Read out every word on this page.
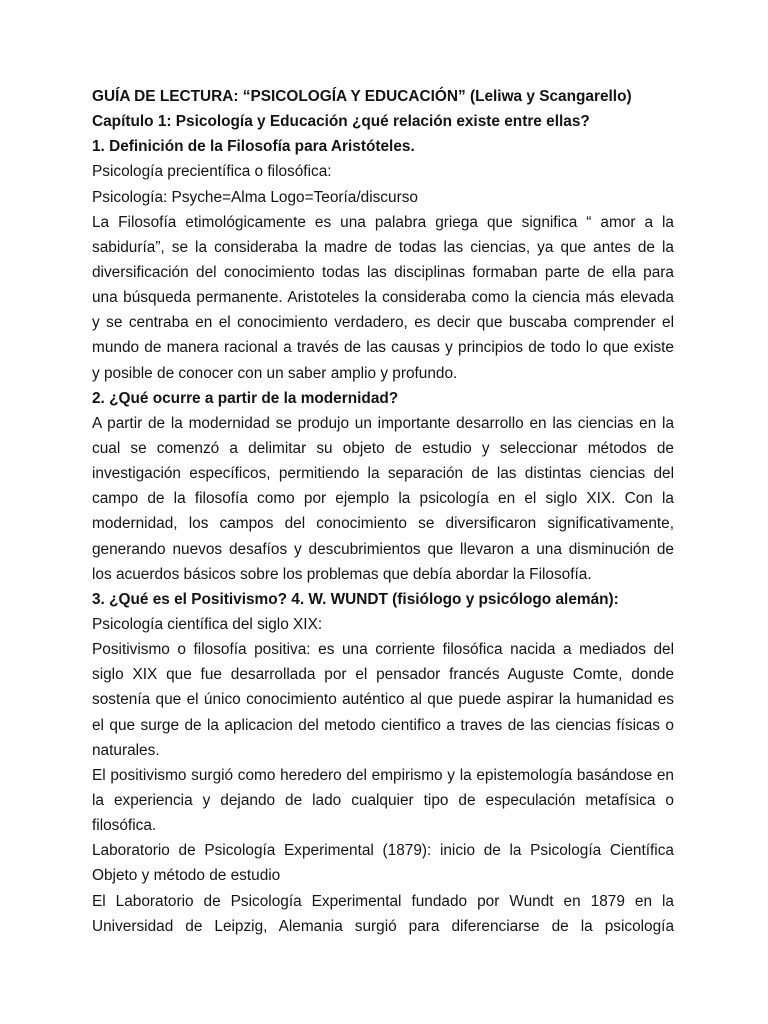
GUÍA DE LECTURA: “PSICOLOGÍA Y EDUCACIÓN” (Leliwa y Scangarello)
Capítulo 1: Psicología y Educación ¿qué relación existe entre ellas?
1. Definición de la Filosofía para Aristóteles.
Psicología precientífica o filosófica:
Psicología: Psyche=Alma Logo=Teoría/discurso
La Filosofía etimológicamente es una palabra griega que significa “ amor a la
sabiduría”, se la consideraba la madre de todas las ciencias, ya que antes de la
diversificación del conocimiento todas las disciplinas formaban parte de ella para
una búsqueda permanente. Aristoteles la consideraba como la ciencia más elevada
y se centraba en el conocimiento verdadero, es decir que buscaba comprender el
mundo de manera racional a través de las causas y principios de todo lo que existe
y posible de conocer con un saber amplio y profundo.
2. ¿Qué ocurre a partir de la modernidad?
A partir de la modernidad se produjo un importante desarrollo en las ciencias en la
cual se comenzó a delimitar su objeto de estudio y seleccionar métodos de
investigación específicos, permitiendo la separación de las distintas ciencias del
campo de la filosofía como por ejemplo la psicología en el siglo XIX. Con la
modernidad, los campos del conocimiento se diversificaron significativamente,
generando nuevos desafíos y descubrimientos que llevaron a una disminución de
los acuerdos básicos sobre los problemas que debía abordar la Filosofía.
3. ¿Qué es el Positivismo? 4. W. WUNDT (fisiólogo y psicólogo alemán):
Psicología científica del siglo XIX:
Positivismo o filosofía positiva: es una corriente filosófica nacida a mediados del
siglo XIX que fue desarrollada por el pensador francés Auguste Comte, donde
sostenía que el único conocimiento auténtico al que puede aspirar la humanidad es
el que surge de la aplicacion del metodo cientifico a traves de las ciencias físicas o
naturales.
El positivismo surgió como heredero del empirismo y la epistemología basándose en
la experiencia y dejando de lado cualquier tipo de especulación metafísica o
filosófica.
Laboratorio de Psicología Experimental (1879): inicio de la Psicología Científica
Objeto y método de estudio
El Laboratorio de Psicología Experimental fundado por Wundt en 1879 en la
Universidad de Leipzig, Alemania surgió para diferenciarse de la psicología
